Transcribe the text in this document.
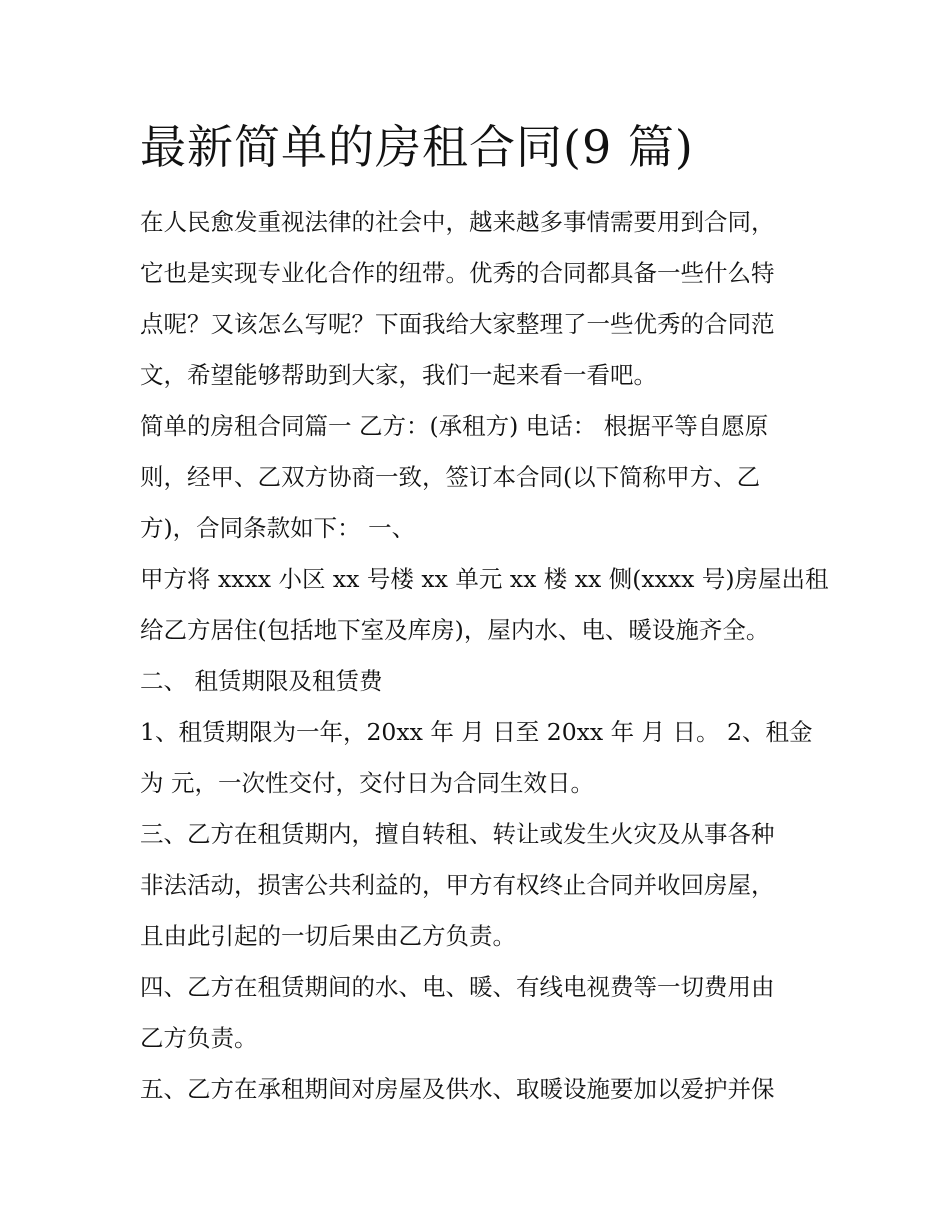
最新简单的房租合同(9 篇)

在人民愈发重视法律的社会中，越来越多事情需要用到合同，

它也是实现专业化合作的纽带。优秀的合同都具备一些什么特

点呢？又该怎么写呢？下面我给大家整理了一些优秀的合同范

文，希望能够帮助到大家，我们一起来看一看吧。

简单的房租合同篇一 乙方：(承租方) 电话： 根据平等自愿原

则，经甲、乙双方协商一致，签订本合同(以下简称甲方、乙

方)，合同条款如下： 一、

甲方将 xxxx 小区 xx 号楼 xx 单元 xx 楼 xx 侧(xxxx 号)房屋出租

给乙方居住(包括地下室及库房)，屋内水、电、暖设施齐全。

二、 租赁期限及租赁费

1、租赁期限为一年，20xx 年 月 日至 20xx 年 月 日。 2、租金

为 元，一次性交付，交付日为合同生效日。

三、乙方在租赁期内，擅自转租、转让或发生火灾及从事各种

非法活动，损害公共利益的，甲方有权终止合同并收回房屋，

且由此引起的一切后果由乙方负责。

四、乙方在租赁期间的水、电、暖、有线电视费等一切费用由

乙方负责。

五、乙方在承租期间对房屋及供水、取暖设施要加以爱护并保
